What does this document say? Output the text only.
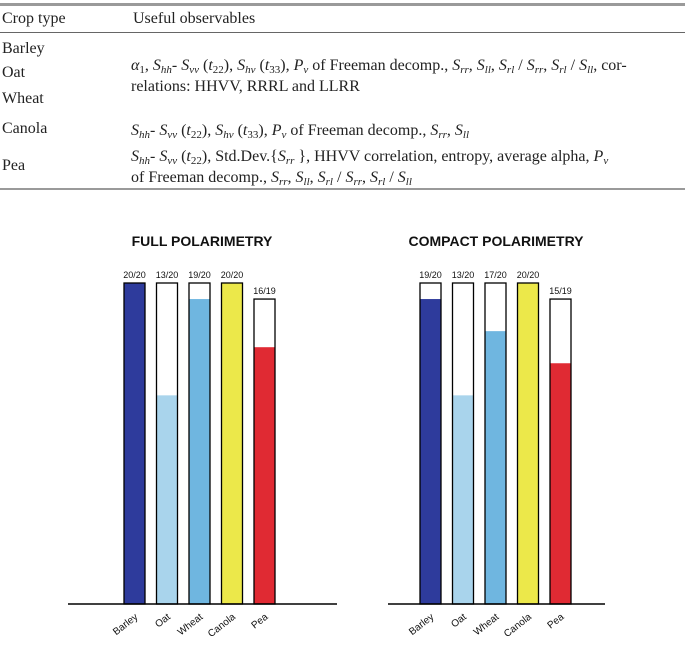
Crop type	Useful observables
Barley
Oat
Wheat
$\alpha_1$, $S_{hh}-$ $S_{vv}$ $(t_{22})$, $S_{hv}$ $(t_{33})$, $P_v$ of Freeman decomp., $S_{rr}$, $S_{ll}$, $S_{rl} / S_{rr}$, $S_{rl} / S_{ll}$, cor-
relations: HHVV, RRRL and LLRR
Canola	$S_{hh}-$ $S_{vv}$ $(t_{22})$, $S_{hv}$ $(t_{33})$, $P_v$ of Freeman decomp., $S_{rr}$, $S_{ll}$
Pea
$S_{hh}-$ $S_{vv}$ $(t_{22})$, $Std.Dev.\{S_{rr}$ }, HHVV correlation, entropy, average alpha, $P_v$
of Freeman decomp., $S_{rr}$, $S_{ll}$, $S_{rl} / S_{rr}$, $S_{rl} / S_{ll}$
FULL POLARIMETRY
20/20
Barley
13/20
Oat
19/20
Wheat
20/20
Canola
16/19
Pea
COMPACT POLARIMETRY
19/20
Barley
13/20
Oat
17/20
Wheat
20/20
Canola
15/19
Pea
